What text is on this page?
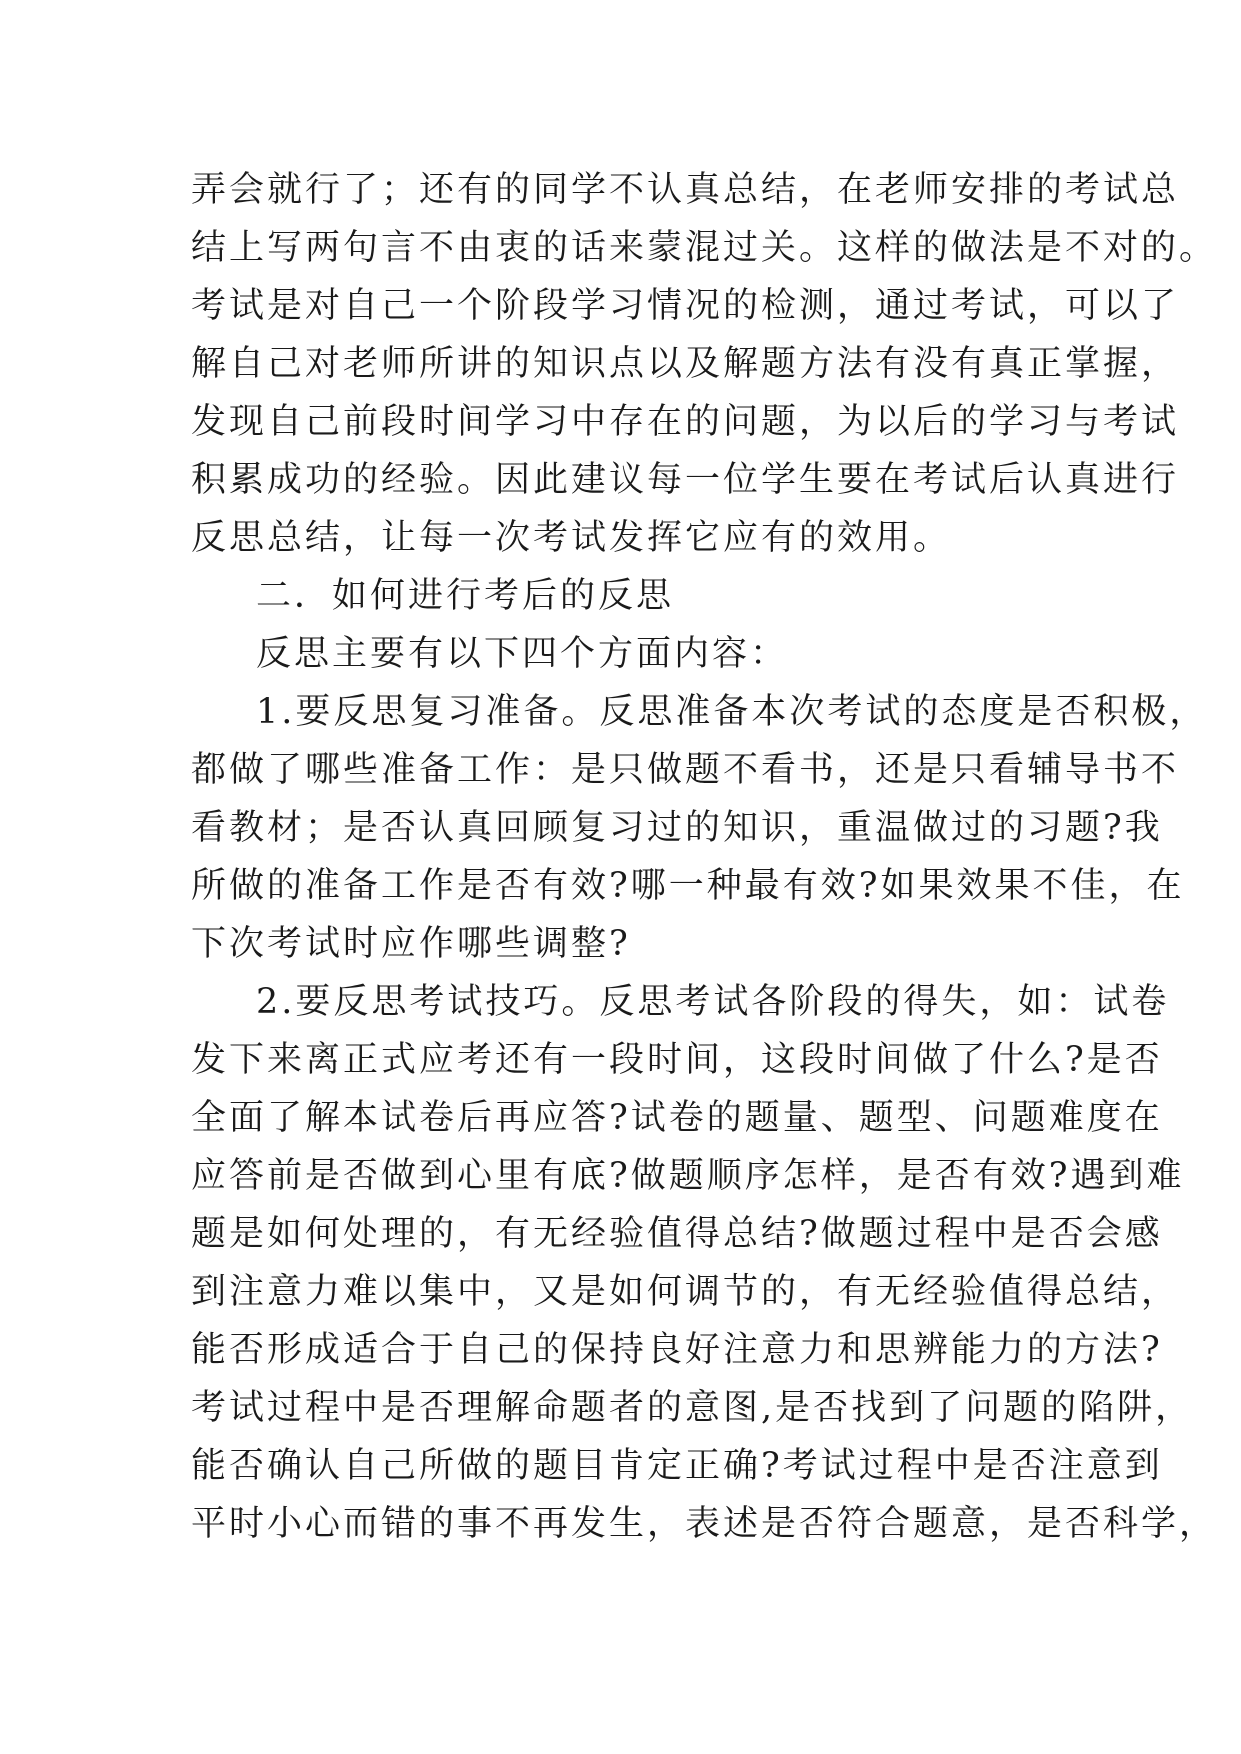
弄会就行了；还有的同学不认真总结，在老师安排的考试总
结上写两句言不由衷的话来蒙混过关。这样的做法是不对的。
考试是对自己一个阶段学习情况的检测，通过考试，可以了
解自己对老师所讲的知识点以及解题方法有没有真正掌握，
发现自己前段时间学习中存在的问题，为以后的学习与考试
积累成功的经验。因此建议每一位学生要在考试后认真进行
反思总结，让每一次考试发挥它应有的效用。
二．如何进行考后的反思
反思主要有以下四个方面内容：
1.要反思复习准备。反思准备本次考试的态度是否积极，
都做了哪些准备工作：是只做题不看书，还是只看辅导书不
看教材；是否认真回顾复习过的知识，重温做过的习题?我
所做的准备工作是否有效?哪一种最有效?如果效果不佳，在
下次考试时应作哪些调整?
2.要反思考试技巧。反思考试各阶段的得失，如：试卷
发下来离正式应考还有一段时间，这段时间做了什么?是否
全面了解本试卷后再应答?试卷的题量、题型、问题难度在
应答前是否做到心里有底?做题顺序怎样，是否有效?遇到难
题是如何处理的，有无经验值得总结?做题过程中是否会感
到注意力难以集中，又是如何调节的，有无经验值得总结，
能否形成适合于自己的保持良好注意力和思辨能力的方法?
考试过程中是否理解命题者的意图,是否找到了问题的陷阱，
能否确认自己所做的题目肯定正确?考试过程中是否注意到
平时小心而错的事不再发生，表述是否符合题意，是否科学，
